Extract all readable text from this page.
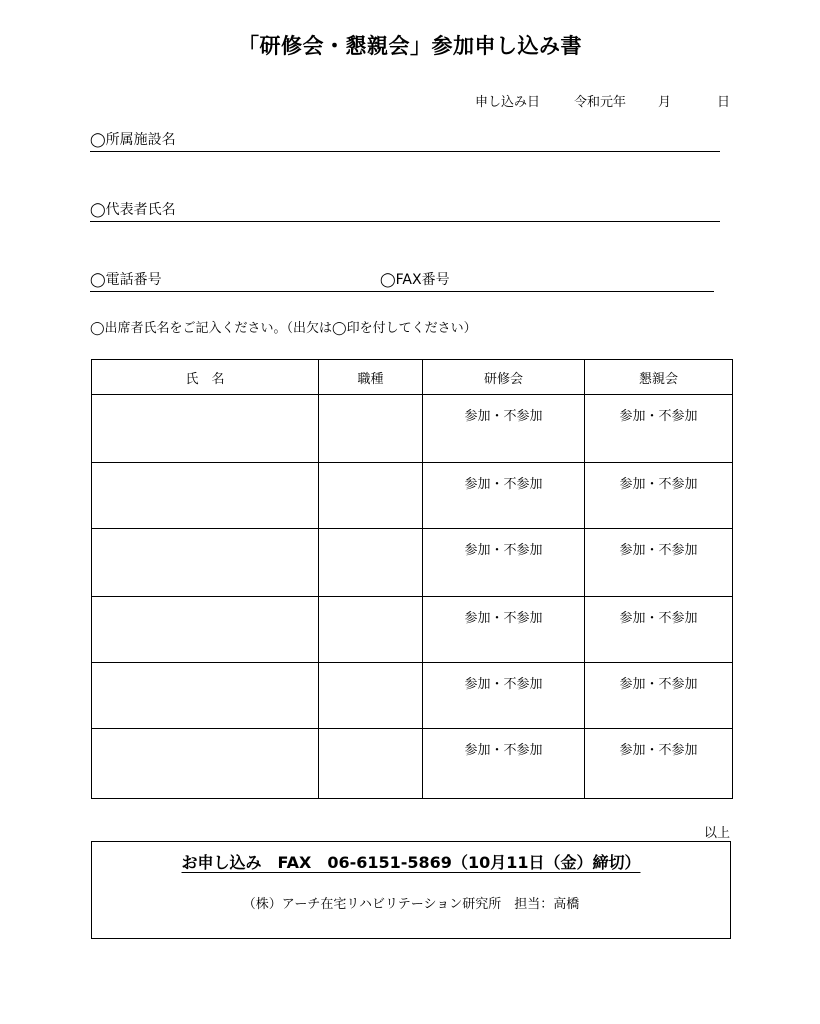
「研修会・懇親会」参加申し込み書
申し込み日	令和元年 月	日
◯所属施設名
◯代表者氏名
◯電話番号	◯FAX番号
◯出席者氏名をご記入ください。（出欠は◯印を付してください）
氏　名	職種	研修会	懇親会

		参加・不参加	参加・不参加

		参加・不参加	参加・不参加

		参加・不参加	参加・不参加

		参加・不参加	参加・不参加

		参加・不参加	参加・不参加

		参加・不参加	参加・不参加
以上
お申し込み　FAX　06-6151-5869（10月11日（金）締切）
（株）アーチ在宅リハビリテーション研究所　担当：高橋
